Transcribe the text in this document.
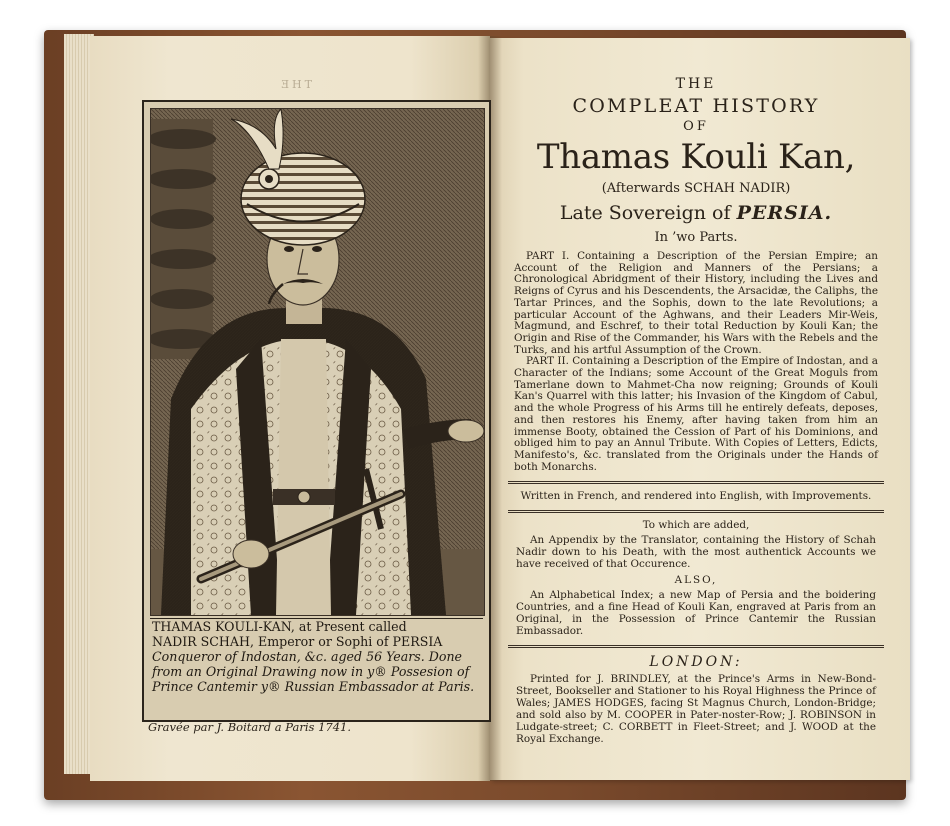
THE
THAMAS KOULI-KAN, at Present called
NADIR SCHAH, Emperor or Sophi of PERSIA
Conqueror of Indostan, &c. aged 56 Years. Done
from an Original Drawing now in y® Possesion of
Prince Cantemir y® Russian Embassador at Paris.
Gravée par J. Boitard a Paris 1741.
THE
COMPLEAT HISTORY
OF
Thamas Kouli Kan,
(Afterwards SCHAH NADIR)
Late Sovereign of PERSIA.
In ’wo Parts.

PART I. Containing a Description of the Persian Empire; an Account of the Religion and Manners of the Persians; a Chronological Abridgment of their History, including the Lives and Reigns of Cyrus and his Descendents, the Arsacidæ, the Caliphs, the Tartar Princes, and the Sophis, down to the late Revolutions; a particular Account of the Aghwans, and their Leaders Mir-Weis, Magmund, and Eschref, to their total Reduction by Kouli Kan; the Origin and Rise of the Commander, his Wars with the Rebels and the Turks, and his artful Assumption of the Crown.

PART II. Containing a Description of the Empire of Indostan, and a Character of the Indians; some Account of the Great Moguls from Tamerlane down to Mahmet-Cha now reigning; Grounds of Kouli Kan's Quarrel with this latter; his Invasion of the Kingdom of Cabul, and the whole Progress of his Arms till he entirely defeats, deposes, and then restores his Enemy, after having taken from him an immense Booty, obtained the Cession of Part of his Dominions, and obliged him to pay an Annul Tribute. With Copies of Letters, Edicts, Manifesto's, &c. translated from the Originals under the Hands of both Monarchs.

Written in French, and rendered into English, with Improvements.
To which are added,
An Appendix by the Translator, containing the History of Schah Nadir down to his Death, with the most authentick Accounts we have received of that Occurence.
ALSO,
An Alphabetical Index; a new Map of Persia and the boidering Countries, and a fine Head of Kouli Kan, engraved at Paris from an Original, in the Possession of Prince Cantemir the Russian Embassador.
LONDON:
Printed for J. BRINDLEY, at the Prince's Arms in New-Bond-Street, Bookseller and Stationer to his Royal Highness the Prince of Wales; JAMES HODGES, facing St Magnus Church, London-Bridge; and sold also by M. COOPER in Pater-noster-Row; J. ROBINSON in Ludgate-street; C. CORBETT in Fleet-Street; and J. WOOD at the Royal Exchange.
